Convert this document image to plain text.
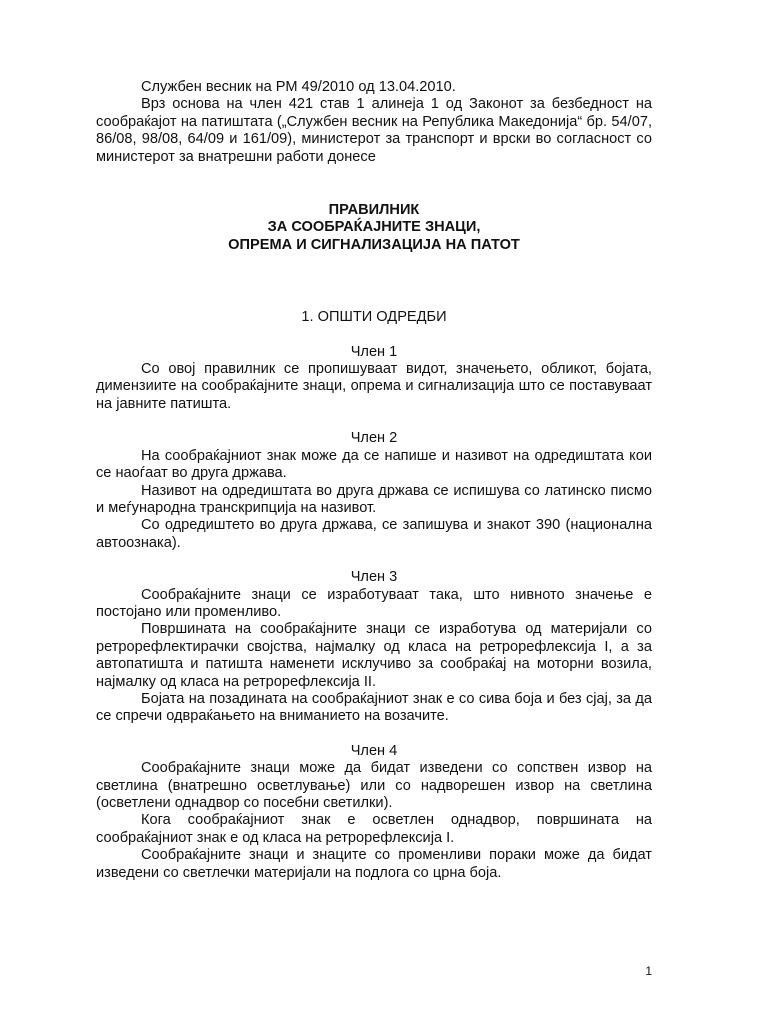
Службен весник на РМ 49/2010 од 13.04.2010.

Врз основа на член 421 став 1 алинеја 1 од Законот за безбедност на сообраќајот на патиштата („Службен весник на Република Македонија“ бр. 54/07, 86/08, 98/08, 64/09 и 161/09), министерот за транспорт и врски во согласност со министерот за внатрешни работи донесе

ПРАВИЛНИК
ЗА СООБРАЌАЈНИТЕ ЗНАЦИ,
ОПРЕМА И СИГНАЛИЗАЦИЈА НА ПАТОТ
1. ОПШТИ ОДРЕДБИ

Член 1

Со овој правилник се пропишуваат видот, значењето, обликот, бојата, димензиите на сообраќајните знаци, опрема и сигнализација што се поставуваат на јавните патишта.

Член 2

На сообраќајниот знак може да се напише и називот на одредиштата кои се наоѓаат во друга држава.

Називот на одредиштата во друга држава се испишува со латинско писмо и меѓународна транскрипција на називот.

Со одредиштето во друга држава, се запишува и знакот 390 (национална автоознака).

Член 3

Сообраќајните знаци се изработуваат така, што нивното значење е постојано или променливо.

Површината на сообраќајните знаци се изработува од материјали со ретрорефлектирачки својства, најмалку од класа на ретрорефлексија I, а за автопатишта и патишта наменети исклучиво за сообраќај на моторни возила, најмалку од класа на ретрорефлексија II.

Бојата на позадината на сообраќајниот знак е со сива боја и без сјај, за да се спречи одвраќањето на вниманието на возачите.

Член 4

Сообраќајните знаци може да бидат изведени со сопствен извор на светлина (внатрешно осветлување) или со надворешен извор на светлина (осветлени однадвор со посебни светилки).

Кога сообраќајниот знак е осветлен однадвор, површината на сообраќајниот знак е од класа на ретрорефлексија I.

Сообраќајните знаци и знаците со променливи пораки може да бидат изведени со светлечки материјали на подлога со црна боја.

1
